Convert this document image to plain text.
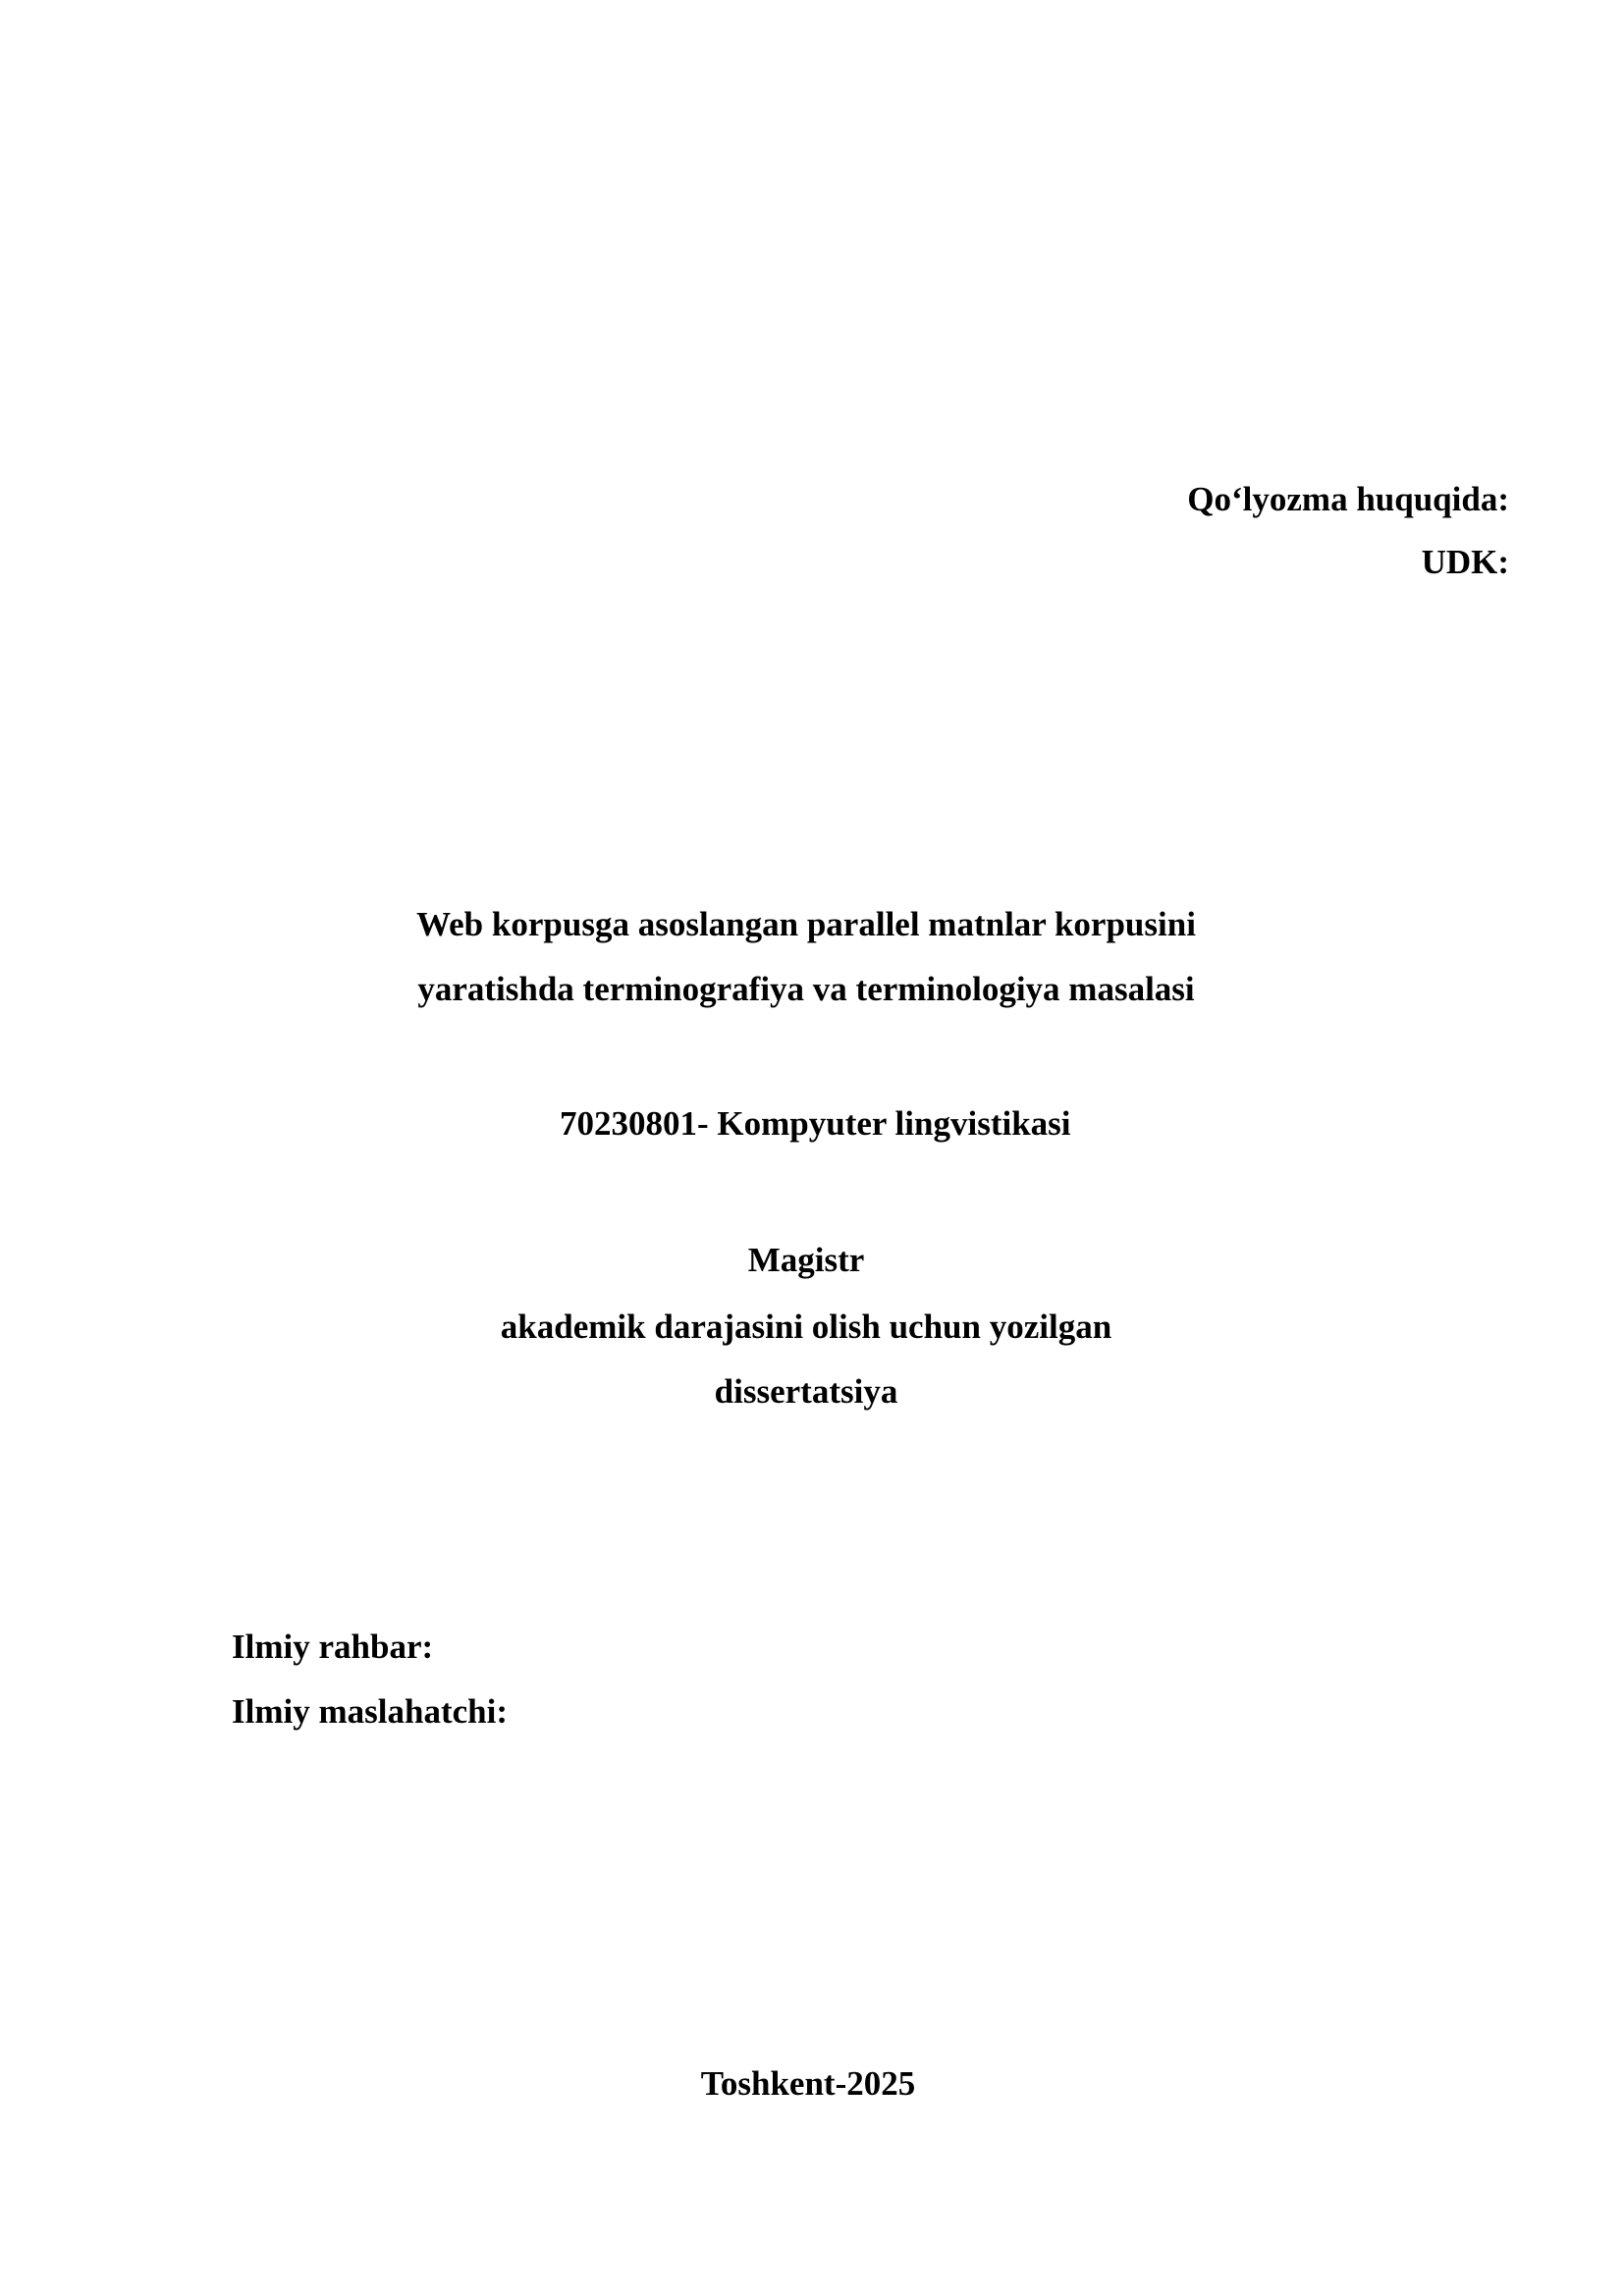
Qo‘lyozma huquqida:

UDK:

Web korpusga asoslangan parallel matnlar korpusini

yaratishda terminografiya va terminologiya masalasi

70230801- Kompyuter lingvistikasi

Magistr

akademik darajasini olish uchun yozilgan

dissertatsiya

Ilmiy rahbar:

Ilmiy maslahatchi:

Toshkent-2025
